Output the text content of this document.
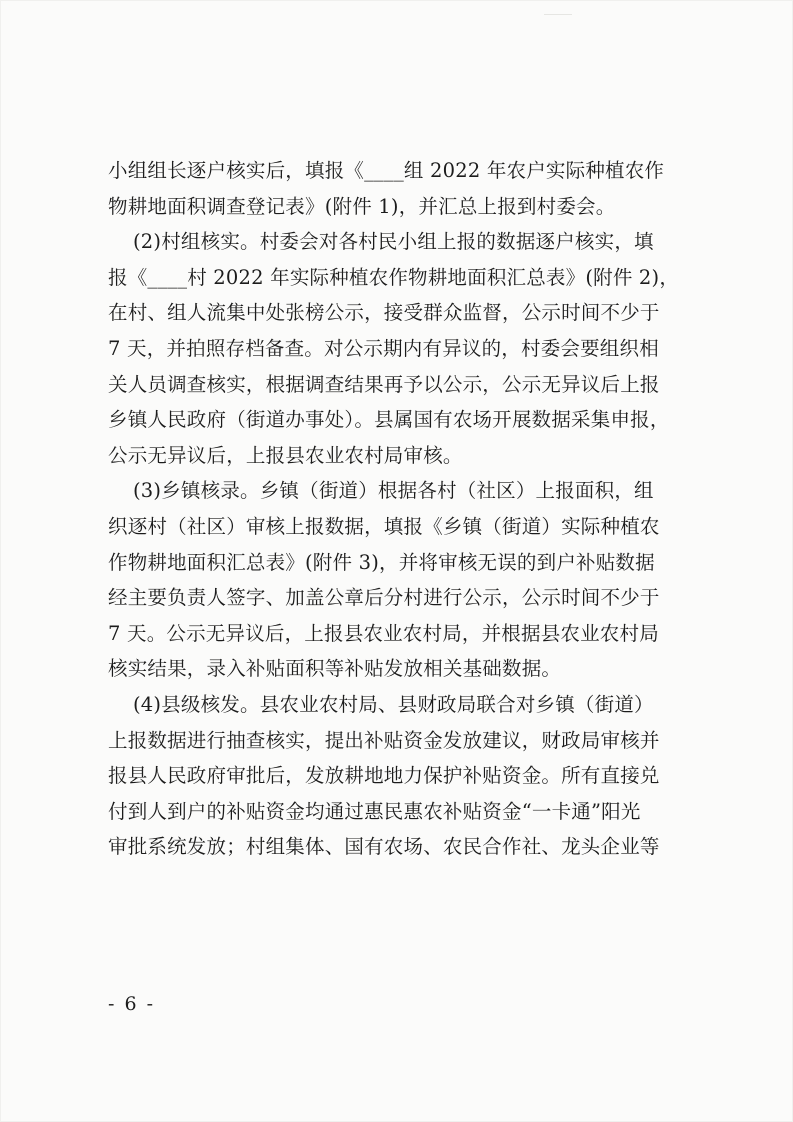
小组组长逐户核实后，填报《____组 2022 年农户实际种植农作
物耕地面积调查登记表》(附件 1)，并汇总上报到村委会。
(2)村组核实。村委会对各村民小组上报的数据逐户核实，填
报《____村 2022 年实际种植农作物耕地面积汇总表》(附件 2)，
在村、组人流集中处张榜公示，接受群众监督，公示时间不少于
7 天，并拍照存档备查。对公示期内有异议的，村委会要组织相
关人员调查核实，根据调查结果再予以公示，公示无异议后上报
乡镇人民政府（街道办事处）。县属国有农场开展数据采集申报，
公示无异议后，上报县农业农村局审核。
(3)乡镇核录。乡镇（街道）根据各村（社区）上报面积，组
织逐村（社区）审核上报数据，填报《乡镇（街道）实际种植农
作物耕地面积汇总表》(附件 3)，并将审核无误的到户补贴数据
经主要负责人签字、加盖公章后分村进行公示，公示时间不少于
7 天。公示无异议后，上报县农业农村局，并根据县农业农村局
核实结果，录入补贴面积等补贴发放相关基础数据。
(4)县级核发。县农业农村局、县财政局联合对乡镇（街道）
上报数据进行抽查核实，提出补贴资金发放建议，财政局审核并
报县人民政府审批后，发放耕地地力保护补贴资金。所有直接兑
付到人到户的补贴资金均通过惠民惠农补贴资金“一卡通”阳光
审批系统发放；村组集体、国有农场、农民合作社、龙头企业等
- 6 -
